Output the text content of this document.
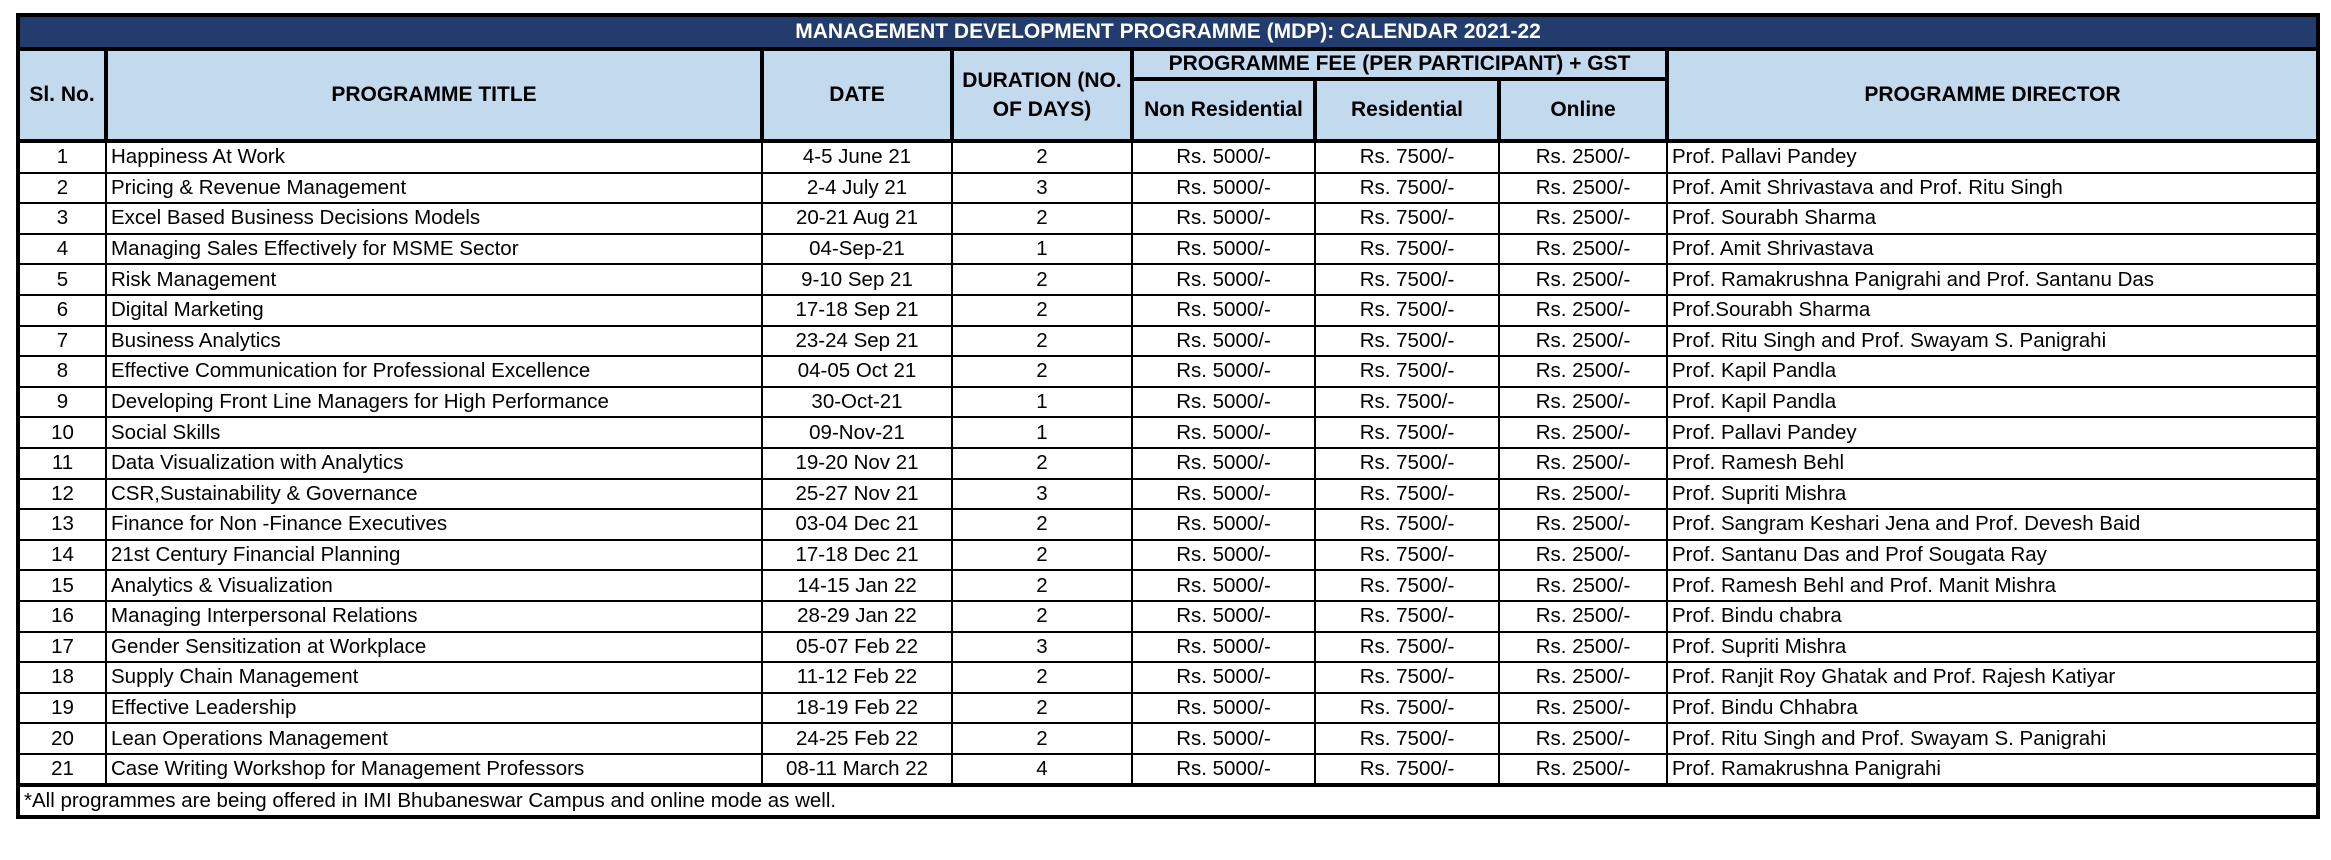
MANAGEMENT DEVELOPMENT PROGRAMME (MDP): CALENDAR 2021-22							
Sl. No.	PROGRAMME TITLE	DATE	DURATION (NO. OF DAYS)	PROGRAMME FEE (PER PARTICIPANT) + GST			PROGRAMME DIRECTOR
				Non Residential	Residential	Online	
1	Happiness At Work	4-5 June 21	2	Rs. 5000/-	Rs. 7500/-	Rs. 2500/-	Prof. Pallavi Pandey
2	Pricing & Revenue Management	2-4 July 21	3	Rs. 5000/-	Rs. 7500/-	Rs. 2500/-	Prof. Amit Shrivastava and Prof. Ritu Singh
3	Excel Based Business Decisions Models	20-21 Aug 21	2	Rs. 5000/-	Rs. 7500/-	Rs. 2500/-	Prof. Sourabh Sharma
4	Managing Sales Effectively for MSME Sector	04-Sep-21	1	Rs. 5000/-	Rs. 7500/-	Rs. 2500/-	Prof. Amit Shrivastava
5	Risk Management	9-10 Sep 21	2	Rs. 5000/-	Rs. 7500/-	Rs. 2500/-	Prof. Ramakrushna Panigrahi and Prof. Santanu Das
6	Digital Marketing	17-18 Sep 21	2	Rs. 5000/-	Rs. 7500/-	Rs. 2500/-	Prof.Sourabh Sharma
7	Business Analytics	23-24 Sep 21	2	Rs. 5000/-	Rs. 7500/-	Rs. 2500/-	Prof. Ritu Singh and Prof. Swayam S. Panigrahi
8	Effective Communication for Professional Excellence	04-05 Oct 21	2	Rs. 5000/-	Rs. 7500/-	Rs. 2500/-	Prof. Kapil Pandla
9	Developing Front Line Managers for High Performance	30-Oct-21	1	Rs. 5000/-	Rs. 7500/-	Rs. 2500/-	Prof. Kapil Pandla
10	Social Skills	09-Nov-21	1	Rs. 5000/-	Rs. 7500/-	Rs. 2500/-	Prof. Pallavi Pandey
11	Data Visualization with Analytics	19-20 Nov 21	2	Rs. 5000/-	Rs. 7500/-	Rs. 2500/-	Prof. Ramesh Behl
12	CSR,Sustainability & Governance	25-27 Nov 21	3	Rs. 5000/-	Rs. 7500/-	Rs. 2500/-	Prof. Supriti Mishra
13	Finance for Non -Finance Executives	03-04 Dec 21	2	Rs. 5000/-	Rs. 7500/-	Rs. 2500/-	Prof. Sangram Keshari Jena and Prof. Devesh Baid
14	21st Century Financial Planning	17-18 Dec 21	2	Rs. 5000/-	Rs. 7500/-	Rs. 2500/-	Prof. Santanu Das and Prof Sougata Ray
15	Analytics & Visualization	14-15 Jan 22	2	Rs. 5000/-	Rs. 7500/-	Rs. 2500/-	Prof. Ramesh Behl and Prof. Manit Mishra
16	Managing Interpersonal Relations	28-29 Jan 22	2	Rs. 5000/-	Rs. 7500/-	Rs. 2500/-	Prof. Bindu chabra
17	Gender Sensitization at Workplace	05-07 Feb 22	3	Rs. 5000/-	Rs. 7500/-	Rs. 2500/-	Prof. Supriti Mishra
18	Supply Chain Management	11-12 Feb 22	2	Rs. 5000/-	Rs. 7500/-	Rs. 2500/-	Prof. Ranjit Roy Ghatak and Prof. Rajesh Katiyar
19	Effective Leadership	18-19 Feb 22	2	Rs. 5000/-	Rs. 7500/-	Rs. 2500/-	Prof. Bindu Chhabra
20	Lean Operations Management	24-25 Feb 22	2	Rs. 5000/-	Rs. 7500/-	Rs. 2500/-	Prof. Ritu Singh and Prof. Swayam S. Panigrahi
21	Case Writing Workshop for Management Professors	08-11 March 22	4	Rs. 5000/-	Rs. 7500/-	Rs. 2500/-	Prof. Ramakrushna Panigrahi
*All programmes are being offered in IMI Bhubaneswar Campus and online mode as well.							
